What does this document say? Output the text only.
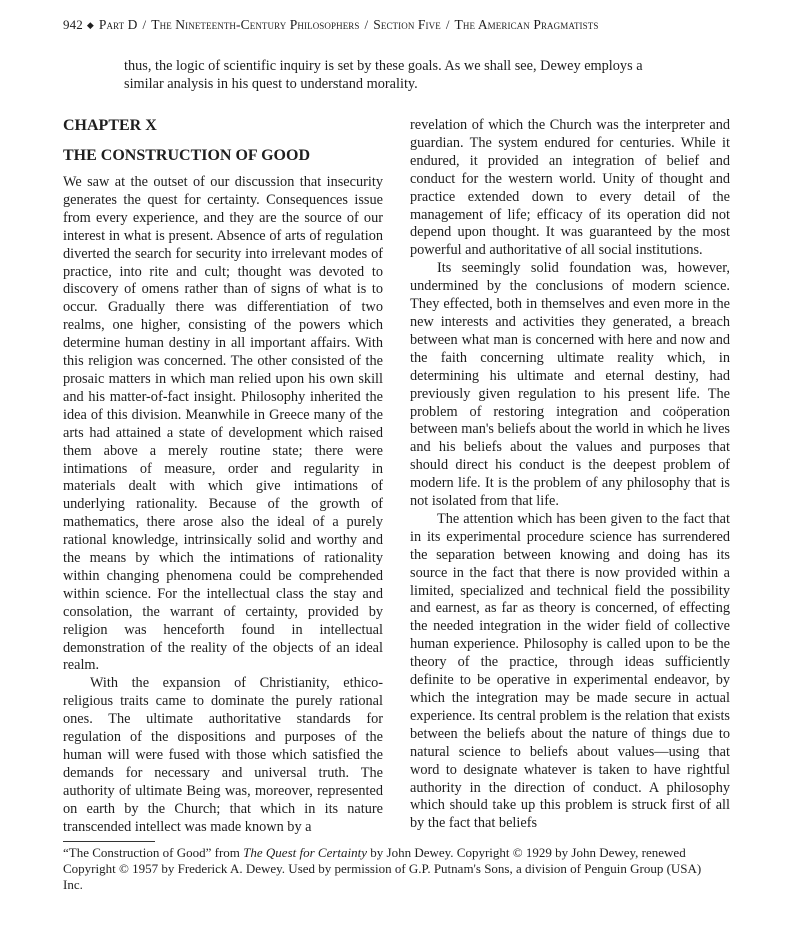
942 ◆ Part D / The Nineteenth-Century Philosophers / Section Five / The American Pragmatists

thus, the logic of scientific inquiry is set by these goals. As we shall see, Dewey employs a similar analysis in his quest to understand morality.

CHAPTER X
THE CONSTRUCTION OF GOOD

We saw at the outset of our discussion that insecurity generates the quest for certainty. Consequences issue from every experience, and they are the source of our interest in what is present. Absence of arts of regulation diverted the search for security into irrelevant modes of practice, into rite and cult; thought was devoted to discovery of omens rather than of signs of what is to occur. Gradually there was differentiation of two realms, one higher, consisting of the powers which determine human destiny in all important affairs. With this religion was concerned. The other consisted of the prosaic matters in which man relied upon his own skill and his matter-of-fact insight. Philosophy inherited the idea of this division. Meanwhile in Greece many of the arts had attained a state of development which raised them above a merely routine state; there were intimations of measure, order and regularity in materials dealt with which give intimations of underlying rationality. Because of the growth of mathematics, there arose also the ideal of a purely rational knowledge, intrinsically solid and worthy and the means by which the intimations of rationality within changing phenomena could be comprehended within science. For the intellectual class the stay and consolation, the warrant of certainty, provided by religion was henceforth found in intellectual demonstration of the reality of the objects of an ideal realm.

With the expansion of Christianity, ethico-religious traits came to dominate the purely rational ones. The ultimate authoritative standards for regulation of the dispositions and purposes of the human will were fused with those which satisfied the demands for necessary and universal truth. The authority of ultimate Being was, moreover, represented on earth by the Church; that which in its nature transcended intellect was made known by a

revelation of which the Church was the interpreter and guardian. The system endured for centuries. While it endured, it provided an integration of belief and conduct for the western world. Unity of thought and practice extended down to every detail of the management of life; efficacy of its operation did not depend upon thought. It was guaranteed by the most powerful and authoritative of all social institutions.

Its seemingly solid foundation was, however, undermined by the conclusions of modern science. They effected, both in themselves and even more in the new interests and activities they generated, a breach between what man is concerned with here and now and the faith concerning ultimate reality which, in determining his ultimate and eternal destiny, had previously given regulation to his present life. The problem of restoring integration and coöperation between man's beliefs about the world in which he lives and his beliefs about the values and purposes that should direct his conduct is the deepest problem of modern life. It is the problem of any philosophy that is not isolated from that life.

The attention which has been given to the fact that in its experimental procedure science has surrendered the separation between knowing and doing has its source in the fact that there is now provided within a limited, specialized and technical field the possibility and earnest, as far as theory is concerned, of effecting the needed integration in the wider field of collective human experience. Philosophy is called upon to be the theory of the practice, through ideas sufficiently definite to be operative in experimental endeavor, by which the integration may be made secure in actual experience. Its central problem is the relation that exists between the beliefs about the nature of things due to natural science to beliefs about values—using that word to designate whatever is taken to have rightful authority in the direction of conduct. A philosophy which should take up this problem is struck first of all by the fact that beliefs

“The Construction of Good” from The Quest for Certainty by John Dewey. Copyright © 1929 by John Dewey, renewed Copyright © 1957 by Frederick A. Dewey. Used by permission of G.P. Putnam's Sons, a division of Penguin Group (USA) Inc.
